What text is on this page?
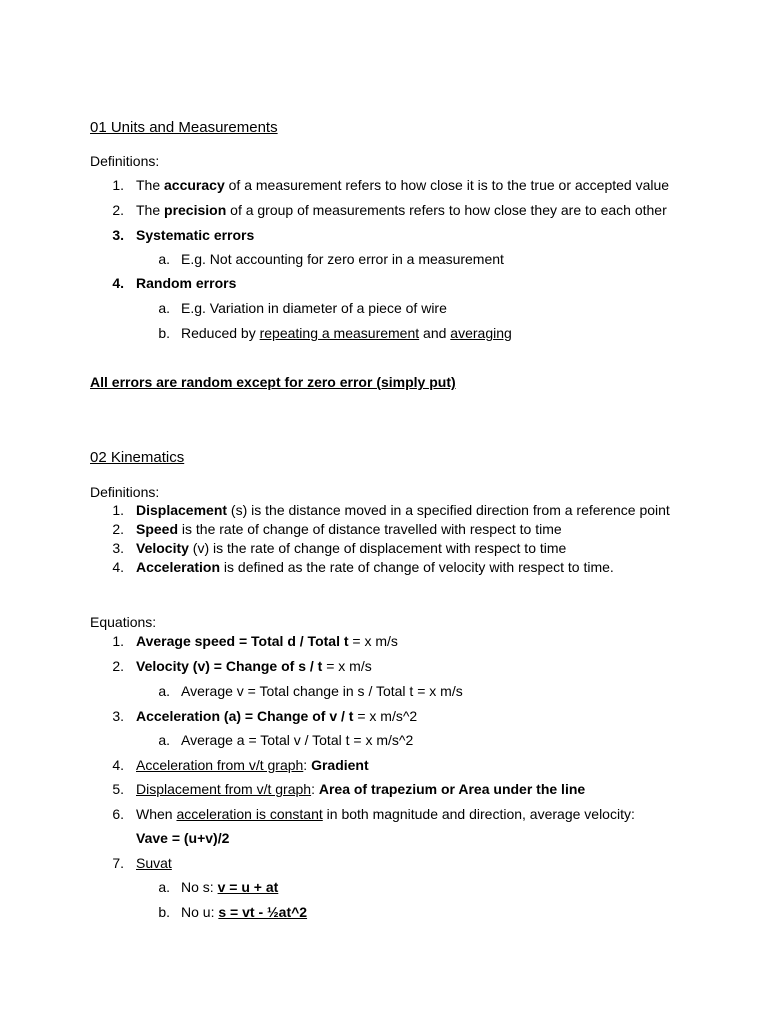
01 Units and Measurements
Definitions:
1. The accuracy of a measurement refers to how close it is to the true or accepted value
2. The precision of a group of measurements refers to how close they are to each other
3. Systematic errors
a. E.g. Not accounting for zero error in a measurement
4. Random errors
a. E.g. Variation in diameter of a piece of wire
b. Reduced by repeating a measurement and averaging
All errors are random except for zero error (simply put)
02 Kinematics
Definitions:
1. Displacement (s) is the distance moved in a specified direction from a reference point
2. Speed is the rate of change of distance travelled with respect to time
3. Velocity (v) is the rate of change of displacement with respect to time
4. Acceleration is defined as the rate of change of velocity with respect to time.
Equations:
1. Average speed = Total d / Total t = x m/s
2. Velocity (v) = Change of s / t = x m/s
a. Average v = Total change in s / Total t = x m/s
3. Acceleration (a) = Change of v / t = x m/s^2
a. Average a = Total v / Total t = x m/s^2
4. Acceleration from v/t graph: Gradient
5. Displacement from v/t graph: Area of trapezium or Area under the line
6. When acceleration is constant in both magnitude and direction, average velocity:
Vave = (u+v)/2
7. Suvat
a. No s: v = u + at
b. No u: s = vt - ½at^2
